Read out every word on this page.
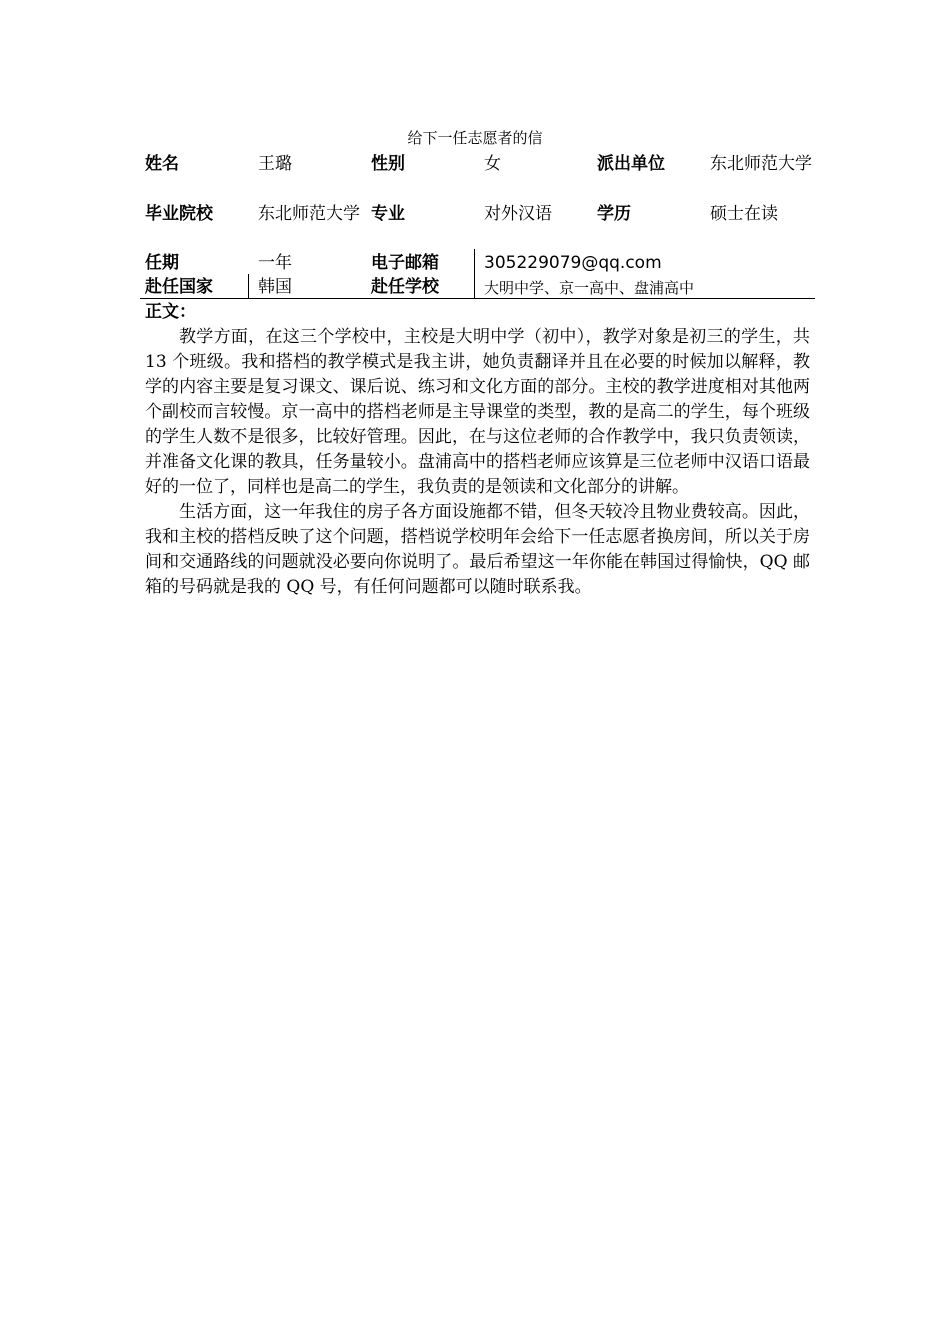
给下一任志愿者的信
姓名	王璐	性别	女	派出单位	东北师范大学
毕业院校	东北师范大学 专业	对外汉语	学历	硕士在读
任期	一年	电子邮箱	305229079@qq.com
赴任国家	韩国	赴任学校	大明中学、京一高中、盘浦高中
正文：

教学方面，在这三个学校中，主校是大明中学（初中），教学对象是初三的学生，共 13 个班级。我和搭档的教学模式是我主讲，她负责翻译并且在必要的时候加以解释，教学的内容主要是复习课文、课后说、练习和文化方面的部分。主校的教学进度相对其他两个副校而言较慢。京一高中的搭档老师是主导课堂的类型，教的是高二的学生，每个班级的学生人数不是很多，比较好管理。因此，在与这位老师的合作教学中，我只负责领读，并准备文化课的教具，任务量较小。盘浦高中的搭档老师应该算是三位老师中汉语口语最好的一位了，同样也是高二的学生，我负责的是领读和文化部分的讲解。

生活方面，这一年我住的房子各方面设施都不错，但冬天较冷且物业费较高。因此，我和主校的搭档反映了这个问题，搭档说学校明年会给下一任志愿者换房间，所以关于房间和交通路线的问题就没必要向你说明了。最后希望这一年你能在韩国过得愉快，QQ 邮箱的号码就是我的 QQ 号，有任何问题都可以随时联系我。
